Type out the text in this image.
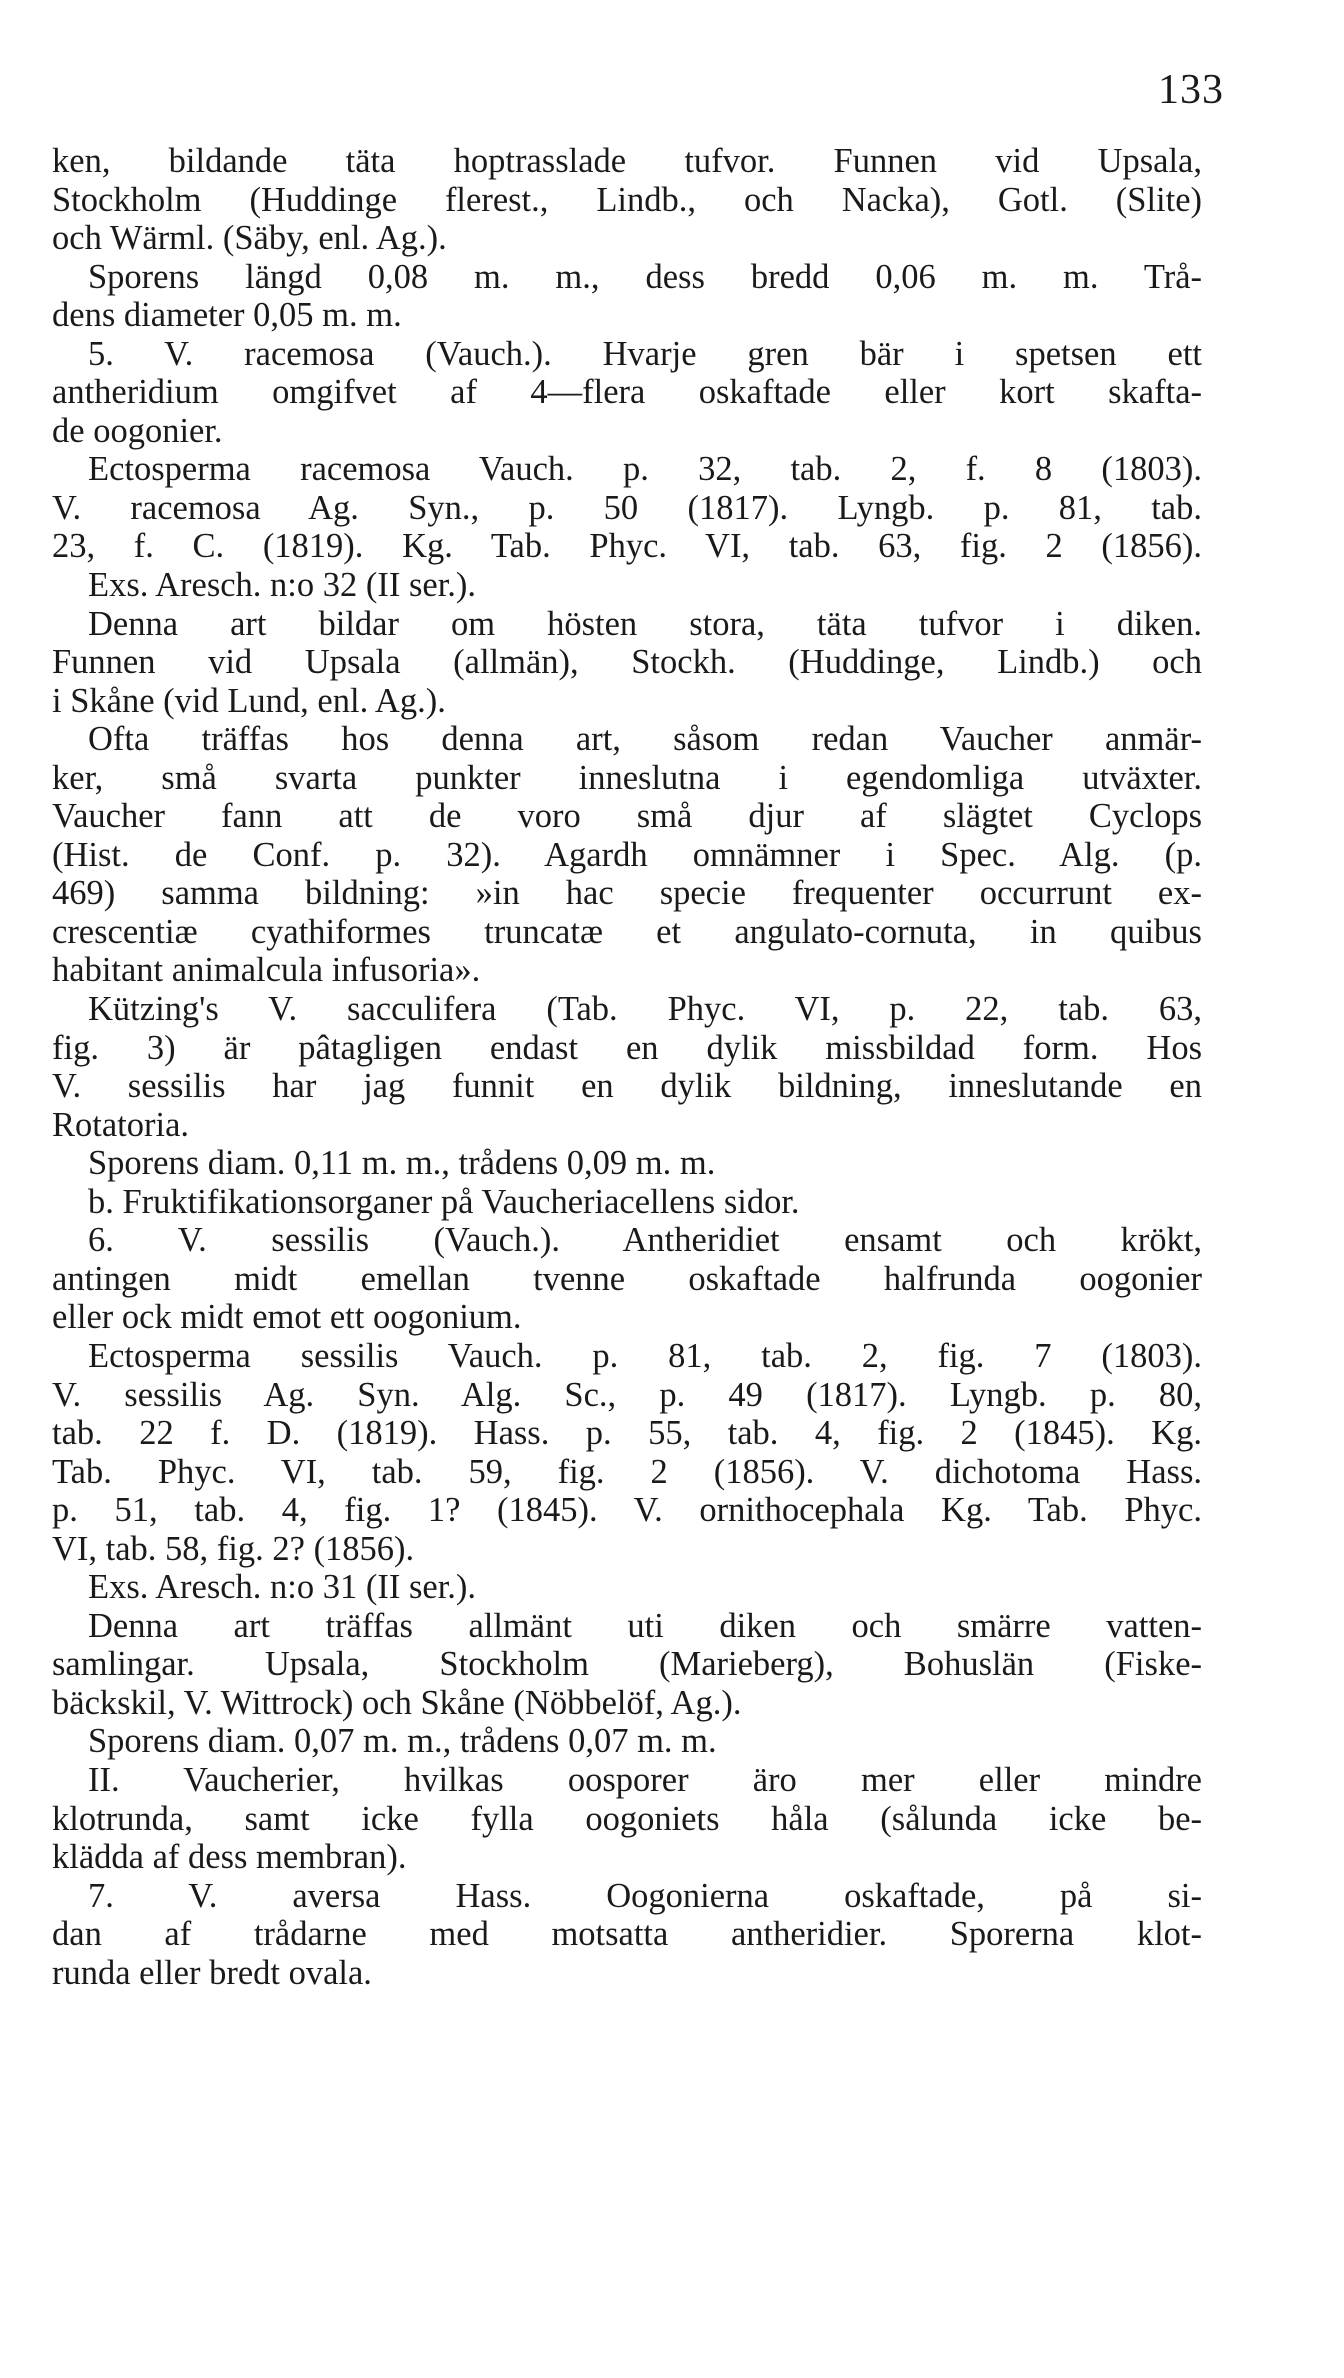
133
ken, bildande täta hoptrasslade tufvor. Funnen vid Upsala,
Stockholm (Huddinge flerest., Lindb., och Nacka), Gotl. (Slite)
och Wärml. (Säby, enl. Ag.).
Sporens längd 0,08 m. m., dess bredd 0,06 m. m. Trå-
dens diameter 0,05 m. m.
5. V. racemosa (Vauch.). Hvarje gren bär i spetsen ett
antheridium omgifvet af 4—flera oskaftade eller kort skafta-
de oogonier.
Ectosperma racemosa Vauch. p. 32, tab. 2, f. 8 (1803).
V. racemosa Ag. Syn., p. 50 (1817). Lyngb. p. 81, tab.
23, f. C. (1819). Kg. Tab. Phyc. VI, tab. 63, fig. 2 (1856).
Exs. Aresch. n:o 32 (II ser.).
Denna art bildar om hösten stora, täta tufvor i diken.
Funnen vid Upsala (allmän), Stockh. (Huddinge, Lindb.) och
i Skåne (vid Lund, enl. Ag.).
Ofta träffas hos denna art, såsom redan Vaucher anmär-
ker, små svarta punkter inneslutna i egendomliga utväxter.
Vaucher fann att de voro små djur af slägtet Cyclops
(Hist. de Conf. p. 32). Agardh omnämner i Spec. Alg. (p.
469) samma bildning: »in hac specie frequenter occurrunt ex-
crescentiæ cyathiformes truncatæ et angulato-cornuta, in quibus
habitant animalcula infusoria».
Kützing's V. sacculifera (Tab. Phyc. VI, p. 22, tab. 63,
fig. 3) är pâtagligen endast en dylik missbildad form. Hos
V. sessilis har jag funnit en dylik bildning, inneslutande en
Rotatoria.
Sporens diam. 0,11 m. m., trådens 0,09 m. m.
b. Fruktifikationsorganer på Vaucheriacellens sidor.
6. V. sessilis (Vauch.). Antheridiet ensamt och krökt,
antingen midt emellan tvenne oskaftade halfrunda oogonier
eller ock midt emot ett oogonium.
Ectosperma sessilis Vauch. p. 81, tab. 2, fig. 7 (1803).
V. sessilis Ag. Syn. Alg. Sc., p. 49 (1817). Lyngb. p. 80,
tab. 22 f. D. (1819). Hass. p. 55, tab. 4, fig. 2 (1845). Kg.
Tab. Phyc. VI, tab. 59, fig. 2 (1856). V. dichotoma Hass.
p. 51, tab. 4, fig. 1? (1845). V. ornithocephala Kg. Tab. Phyc.
VI, tab. 58, fig. 2? (1856).
Exs. Aresch. n:o 31 (II ser.).
Denna art träffas allmänt uti diken och smärre vatten-
samlingar. Upsala, Stockholm (Marieberg), Bohuslän (Fiske-
bäckskil, V. Wittrock) och Skåne (Nöbbelöf, Ag.).
Sporens diam. 0,07 m. m., trådens 0,07 m. m.
II. Vaucherier, hvilkas oosporer äro mer eller mindre
klotrunda, samt icke fylla oogoniets håla (sålunda icke be-
klädda af dess membran).
7. V. aversa Hass. Oogonierna oskaftade, på si-
dan af trådarne med motsatta antheridier. Sporerna klot-
runda eller bredt ovala.
